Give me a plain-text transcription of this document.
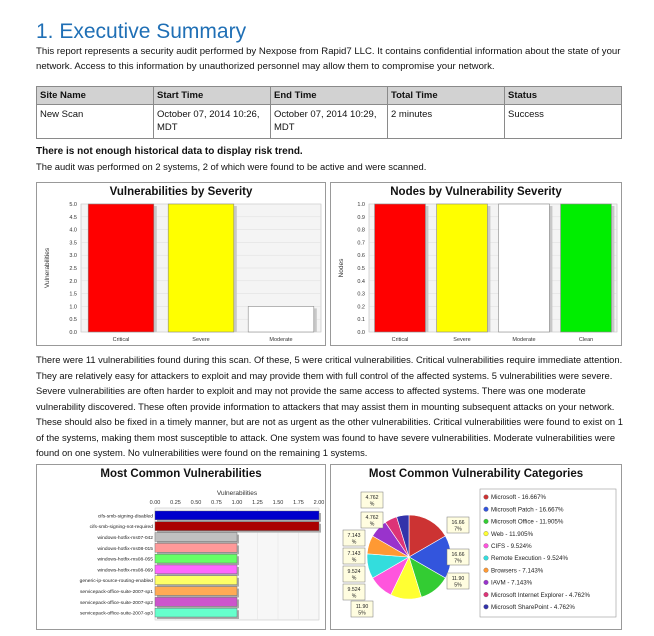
1. Executive Summary
This report represents a security audit performed by Nexpose from Rapid7 LLC. It contains confidential information about the state of your network. Access to this information by unauthorized personnel may allow them to compromise your network.
Site Name	Start Time	End Time	Total Time	Status
New Scan	October 07, 2014 10:26, MDT	October 07, 2014 10:29, MDT	2 minutes	Success
There is not enough historical data to display risk trend.
The audit was performed on 2 systems, 2 of which were found to be active and were scanned.
Vulnerabilities by Severity
0.0
0.5
1.0
1.5
2.0
2.5
3.0
3.5
4.0
4.5
5.0
Vulnerabilities
Critical	Severe	Moderate
Nodes by Vulnerability Severity
0.0
0.1
0.2
0.3
0.4
0.5
0.6
0.7
0.8
0.9
1.0
Nodes
Critical	Severe	Moderate	Clean
There were 11 vulnerabilities found during this scan. Of these, 5 were critical vulnerabilities. Critical vulnerabilities require immediate attention. They are relatively easy for attackers to exploit and may provide them with full control of the affected systems. 5 vulnerabilities were severe. Severe vulnerabilities are often harder to exploit and may not provide the same access to affected systems. There was one moderate vulnerability discovered. These often provide information to attackers that may assist them in mounting subsequent attacks on your network. These should also be fixed in a timely manner, but are not as urgent as the other vulnerabilities. Critical vulnerabilities were found to exist on 1 of the systems, making them most susceptible to attack. One system was found to have severe vulnerabilities. Moderate vulnerabilities were found on one system. No vulnerabilities were found on the remaining 1 systems.
Most Common Vulnerabilities
Vulnerabilities
0.00 0.25 0.50 0.75 1.00 1.25 1.50 1.75 2.00
cifs-smb-signing-disabled
cifs-smb-signing-not-required
windows-hotfix-ms07-042
windows-hotfix-ms08-015
windows-hotfix-ms08-055
windows-hotfix-ms08-069
generic-ip-source-routing-enabled
servicepack-office-suite-2007-sp1
servicepack-office-suite-2007-sp2
servicepack-office-suite-2007-sp3
Most Common Vulnerability Categories
4.762
%
4.762
%
7.143
%
7.143
%
9.524
%
9.524
%
11.90
5%
16.66
7%
16.66
7%
11.90
5%
Microsoft - 16.667%
Microsoft Patch - 16.667%
Microsoft Office - 11.905%
Web - 11.905%
CIFS - 9.524%
Remote Execution - 9.524%
Browsers - 7.143%
IAVM - 7.143%
Microsoft Internet Explorer - 4.762%
Microsoft SharePoint - 4.762%
